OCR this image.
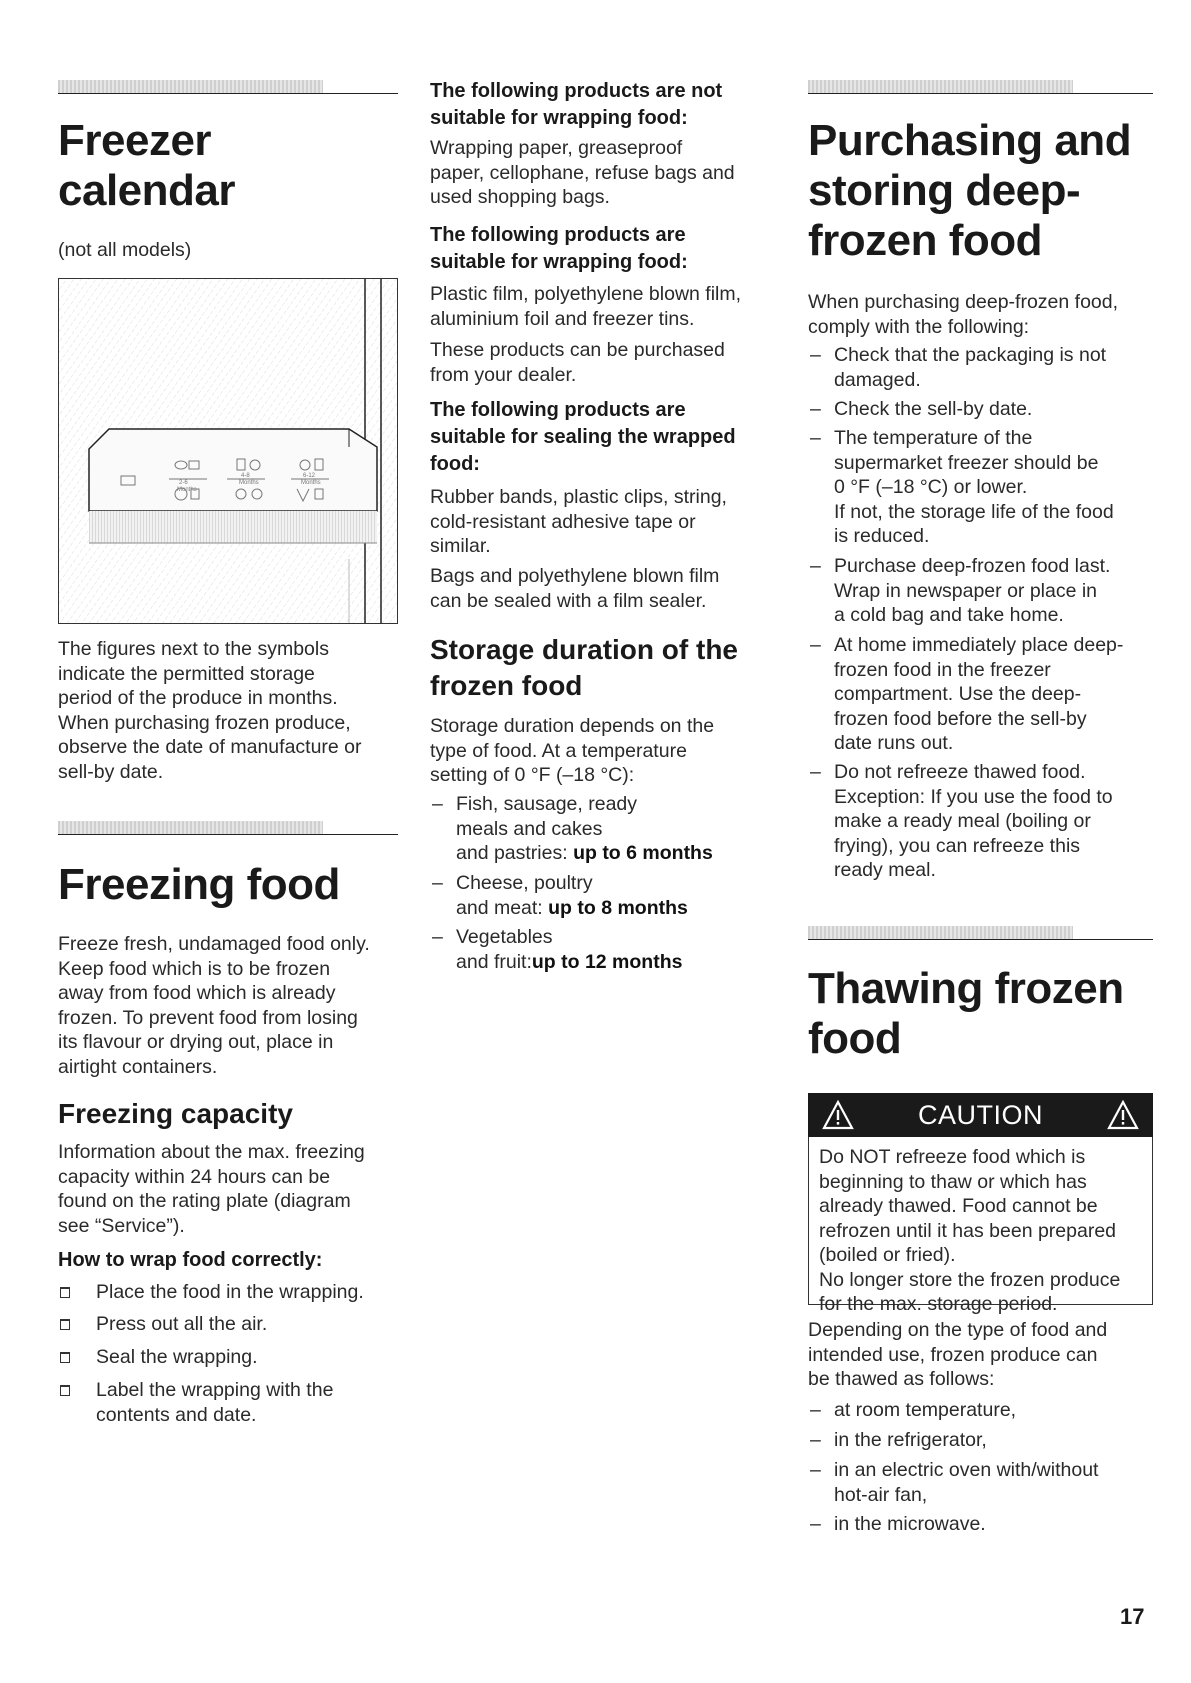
Freezer
calendar

(not all models)

2-6
4-8	6-12
Months
Months	Months

The figures next to the symbols

indicate the permitted storage

period of the produce in months.

When purchasing frozen produce,

observe the date of manufacture or

sell-by date.

Freezing food

Freeze fresh, undamaged food only.

Keep food which is to be frozen

away from food which is already

frozen. To prevent food from losing

its flavour or drying out, place in

airtight containers.

Freezing capacity

Information about the max. freezing

capacity within 24 hours can be

found on the rating plate (diagram

see “Service”).

How to wrap food correctly:
Place the food in the wrapping.
Press out all the air.
Seal the wrapping.
Label the wrapping with the
contents and date.
The following products are not
suitable for wrapping food:

Wrapping paper, greaseproof
paper, cellophane, refuse bags and
used shopping bags.

The following products are
suitable for wrapping food:

Plastic film, polyethylene blown film,
aluminium foil and freezer tins.

These products can be purchased
from your dealer.

The following products are
suitable for sealing the wrapped
food:

Rubber bands, plastic clips, string,
cold-resistant adhesive tape or
similar.

Bags and polyethylene blown film
can be sealed with a film sealer.

Storage duration of the
frozen food

Storage duration depends on the
type of food. At a temperature
setting of 0 °F (–18 °C):

– Fish, sausage, ready
meals and cakes
and pastries: up to 6 months
– Cheese, poultry
and meat: up to 8 months
– Vegetables
and fruit:up to 12 months
Purchasing and
storing deep-
frozen food

When purchasing deep-frozen food,
comply with the following:

– Check that the packaging is not
damaged.
– Check the sell-by date.
– The temperature of the
supermarket freezer should be
0 °F (–18 °C) or lower.
If not, the storage life of the food
is reduced.
– Purchase deep-frozen food last.
Wrap in newspaper or place in
a cold bag and take home.
– At home immediately place deep-
frozen food in the freezer
compartment. Use the deep-
frozen food before the sell-by
date runs out.
– Do not refreeze thawed food.
Exception: If you use the food to
make a ready meal (boiling or
frying), you can refreeze this
ready meal.
Thawing frozen
food
CAUTION

Do NOT refreeze food which is

beginning to thaw or which has

already thawed. Food cannot be

refrozen until it has been prepared

(boiled or fried).

No longer store the frozen produce

for the max. storage period.

Depending on the type of food and
intended use, frozen produce can
be thawed as follows:

– at room temperature,
– in the refrigerator,
– in an electric oven with/without
hot-air fan,
– in the microwave.
17
